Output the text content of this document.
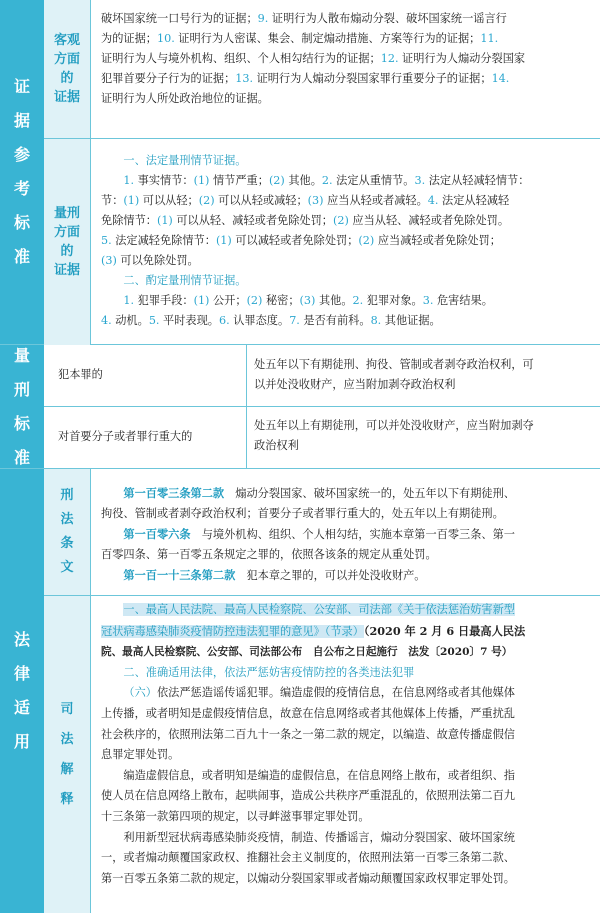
证
据
参
考
标
准
客观
方面
的
证据
破坏国家统一口号行为的证据；9. 证明行为人散布煽动分裂、破坏国家统一谣言行
为的证据；10. 证明行为人密谋、集会、制定煽动措施、方案等行为的证据；11.
证明行为人与境外机构、组织、个人相勾结行为的证据；12. 证明行为人煽动分裂国家
犯罪首要分子行为的证据；13. 证明行为人煽动分裂国家罪行重要分子的证据；14.
证明行为人所处政治地位的证据。
量刑
方面
的
证据

一、法定量刑情节证据。

1. 事实情节：(1) 情节严重；(2) 其他。2. 法定从重情节。3. 法定从轻减轻情节：
节：(1) 可以从轻；(2) 可以从轻或减轻；(3) 应当从轻或者减轻。4. 法定从轻减轻
免除情节：(1) 可以从轻、减轻或者免除处罚；(2) 应当从轻、减轻或者免除处罚。
5. 法定减轻免除情节：(1) 可以减轻或者免除处罚；(2) 应当减轻或者免除处罚；
(3) 可以免除处罚。

二、酌定量刑情节证据。

1. 犯罪手段：(1) 公开；(2) 秘密；(3) 其他。2. 犯罪对象。3. 危害结果。
4. 动机。5. 平时表现。6. 认罪态度。7. 是否有前科。8. 其他证据。
量
刑
标
准
犯本罪的
处五年以下有期徒刑、拘役、管制或者剥夺政治权利，可
以并处没收财产，应当附加剥夺政治权利
对首要分子或者罪行重大的
处五年以上有期徒刑，可以并处没收财产，应当附加剥夺
政治权利
法
律
适
用
刑
法
条
文

第一百零三条第二款　 煽动分裂国家、破坏国家统一的，处五年以下有期徒刑、
拘役、管制或者剥夺政治权利；首要分子或者罪行重大的，处五年以上有期徒刑。

第一百零六条　 与境外机构、组织、个人相勾结，实施本章第一百零三条、第一
百零四条、第一百零五条规定之罪的，依照各该条的规定从重处罚。

第一百一十三条第二款　 犯本章之罪的，可以并处没收财产。

司
法
解
释
一、最高人民法院、最高人民检察院、公安部、司法部《关于依法惩治妨害新型
冠状病毒感染肺炎疫情防控违法犯罪的意见》（节录）（2020 年 2 月 6 日最高人民法
院、最高人民检察院、公安部、司法部公布　自公布之日起施行　法发〔2020〕7 号）
二、准确适用法律，依法严惩妨害疫情防控的各类违法犯罪
（六）依法严惩造谣传谣犯罪。编造虚假的疫情信息，在信息网络或者其他媒体
上传播，或者明知是虚假疫情信息，故意在信息网络或者其他媒体上传播，严重扰乱
社会秩序的，依照刑法第二百九十一条之一第二款的规定，以编造、故意传播虚假信
息罪定罪处罚。
编造虚假信息，或者明知是编造的虚假信息，在信息网络上散布，或者组织、指
使人员在信息网络上散布，起哄闹事，造成公共秩序严重混乱的，依照刑法第二百九
十三条第一款第四项的规定，以寻衅滋事罪定罪处罚。
利用新型冠状病毒感染肺炎疫情，制造、传播谣言，煽动分裂国家、破坏国家统
一，或者煽动颠覆国家政权、推翻社会主义制度的，依照刑法第一百零三条第二款、
第一百零五条第二款的规定，以煽动分裂国家罪或者煽动颠覆国家政权罪定罪处罚。
